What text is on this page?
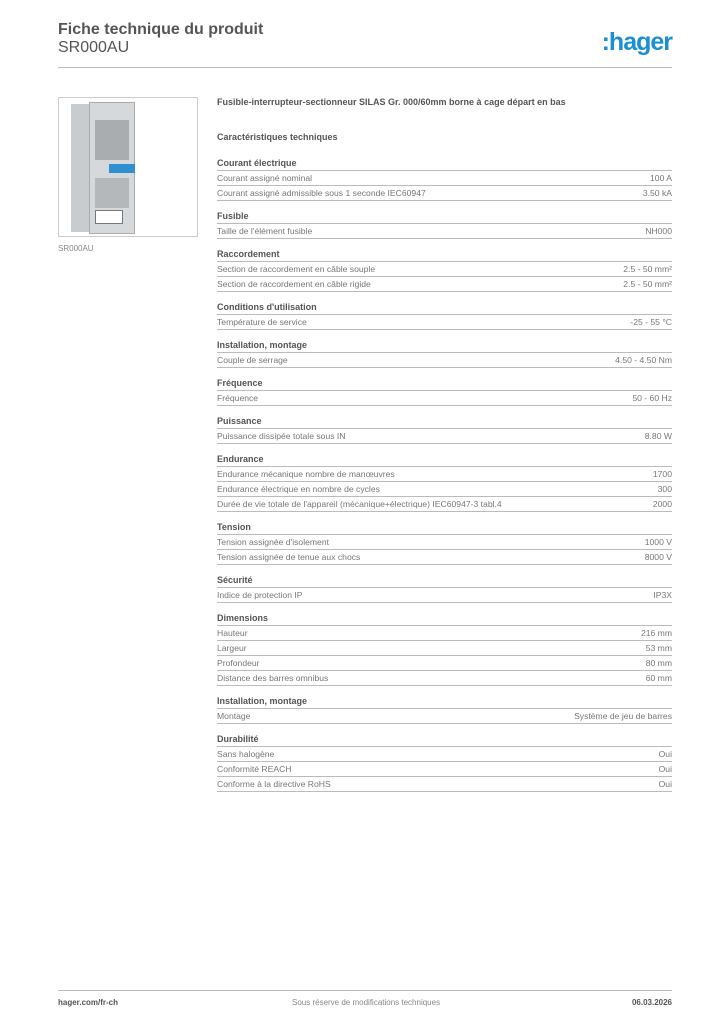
Fiche technique du produit
SR000AU	:hager
SR000AU
Fusible-interrupteur-sectionneur SILAS Gr. 000/60mm borne à cage départ en bas
Caractéristiques techniques
Courant électrique
Courant assigné nominal	100 A
Courant assigné admissible sous 1 seconde IEC60947	3.50 kA
Fusible
Taille de l'élément fusible	NH000
Raccordement
Section de raccordement en câble souple	2.5 - 50 mm²
Section de raccordement en câble rigide	2.5 - 50 mm²
Conditions d'utilisation
Température de service	-25 - 55 °C
Installation, montage
Couple de serrage	4.50 - 4.50 Nm
Fréquence
Fréquence	50 - 60 Hz
Puissance
Puissance dissipée totale sous IN	8.80 W
Endurance
Endurance mécanique nombre de manœuvres	1700
Endurance électrique en nombre de cycles	300
Durée de vie totale de l'appareil (mécanique+électrique) IEC60947-3 tabl.4	2000
Tension
Tension assignée d'isolement	1000 V
Tension assignée de tenue aux chocs	8000 V
Sécurité
Indice de protection IP	IP3X
Dimensions
Hauteur	216 mm
Largeur	53 mm
Profondeur	80 mm
Distance des barres omnibus	60 mm
Installation, montage
Montage	Système de jeu de barres
Durabilité
Sans halogène	Oui
Conformité REACH	Oui
Conforme à la directive RoHS	Oui
hager.com/fr-ch	Sous réserve de modifications techniques	06.03.2026
